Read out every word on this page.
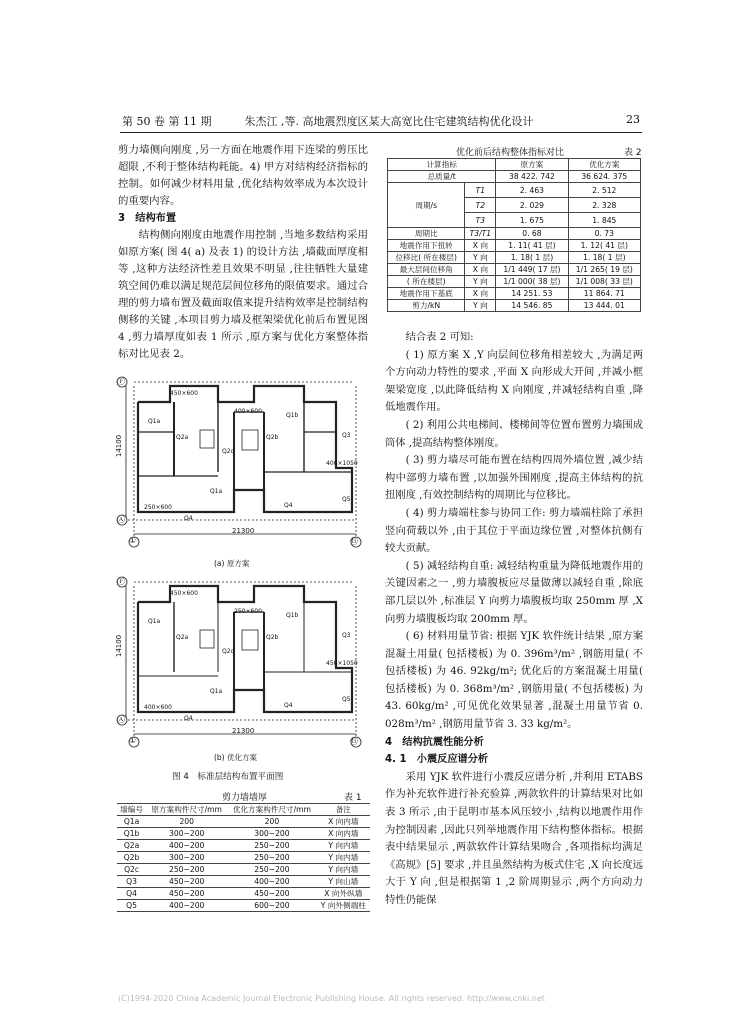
第 50 卷 第 11 期　　　	朱杰江 ,等. 高地震烈度区某大高宽比住宅建筑结构优化设计	23

剪力墙侧向刚度 ,另一方面在地震作用下连梁的剪压比超限 ,不利于整体结构耗能。4) 甲方对结构经济指标的控制。如何减少材料用量 ,优化结构效率成为本次设计的重要内容。

3　结构布置

结构侧向刚度由地震作用控制 ,当地多数结构采用如原方案( 图 4( a) 及表 1) 的设计方法 ,墙截面厚度相等 ,这种方法经济性差且效果不明显 ,往往牺牲大量建筑空间仍难以满足规范层间位移角的限值要求。通过合理的剪力墙布置及截面取值来提升结构效率是控制结构侧移的关键 ,本项目剪力墙及框架梁优化前后布置见图 4 ,剪力墙厚度如表 1 所示 ,原方案与优化方案整体指标对比见表 2。

21300
14100
①	⑪
Ⓐ
Ⓕ
450×600
Q1a
Q2a
Q2c
Q2b
Q1b
Q3
Q4
Q5
400×1050
400×600
250×600
Q1a
Q4
(a) 原方案
21300
14100
①	⑪
Ⓐ
Ⓕ
450×600
Q1a
Q2a
Q2c
Q2b
Q1b
Q3
Q4
Q5
450×1050
250×600
400×600
Q1a
Q4
(b) 优化方案
图 4　标准层结构布置平面图
剪力墙墙厚	表 1
墙编号	原方案构件尺寸/mm	优化方案构件尺寸/mm	备注
Q1a	200	200	X 向内墙
Q1b	300~200	300~200	X 向内墙
Q2a	400~200	250~200	Y 向内墙
Q2b	300~200	250~200	Y 向内墙
Q2c	250~200	250~200	Y 向内墙
Q3	450~200	400~200	Y 向山墙
Q4	450~200	450~200	X 向外纵墙
Q5	400~200	600~200	Y 向外侧端柱
优化前后结构整体指标对比	表 2
计算指标		原方案	优化方案
总质量/t		38 422. 742	36 624. 375
周期/s	T1	2. 463	2. 512
	T2	2. 029	2. 328
	T3	1. 675	1. 845
周期比	T3/T1	0. 68	0. 73
地震作用下扭转	X 向	1. 11( 41 层)	1. 12( 41 层)
位移比( 所在楼层)	Y 向	1. 18( 1 层)	1. 18( 1 层)
最大层间位移角	X 向	1/1 449( 17 层)	1/1 265( 19 层)
( 所在楼层)	Y 向	1/1 000( 38 层)	1/1 008( 33 层)
地震作用下基底	X 向	14 251. 53	11 864. 71
剪力/kN	Y 向	14 546. 85	13 444. 01

结合表 2 可知:

( 1) 原方案 X ,Y 向层间位移角相差较大 ,为满足两个方向动力特性的要求 ,平面 X 向形成大开间 ,并减小框架梁宽度 ,以此降低结构 X 向刚度 ,并减轻结构自重 ,降低地震作用。

( 2) 利用公共电梯间、楼梯间等位置布置剪力墙围成筒体 ,提高结构整体刚度。

( 3) 剪力墙尽可能布置在结构四周外墙位置 ,减少结构中部剪力墙布置 ,以加强外围刚度 ,提高主体结构的抗扭刚度 ,有效控制结构的周期比与位移比。

( 4) 剪力墙端柱参与协同工作: 剪力墙端柱除了承担竖向荷载以外 ,由于其位于平面边缘位置 ,对整体抗侧有较大贡献。

( 5) 减轻结构自重: 减轻结构重量为降低地震作用的关键因素之一 ,剪力墙腹板应尽量做薄以减轻自重 ,除底部几层以外 ,标准层 Y 向剪力墙腹板均取 250mm 厚 ,X 向剪力墙腹板均取 200mm 厚。

( 6) 材料用量节省: 根据 YJK 软件统计结果 ,原方案混凝土用量( 包括楼板) 为 0. 396m³/m² ,钢筋用量( 不包括楼板) 为 46. 92kg/m²; 优化后的方案混凝土用量( 包括楼板) 为 0. 368m³/m² ,钢筋用量( 不包括楼板) 为 43. 60kg/m² ,可见优化效果显著 ,混凝土用量节省 0. 028m³/m² ,钢筋用量节省 3. 33 kg/m²。

4　结构抗震性能分析

4. 1　小震反应谱分析

采用 YJK 软件进行小震反应谱分析 ,并利用 ETABS 作为补充软件进行补充验算 ,两款软件的计算结果对比如表 3 所示 ,由于昆明市基本风压较小 ,结构以地震作用作为控制因素 ,因此只列举地震作用下结构整体指标。根据表中结果显示 ,两款软件计算结果吻合 ,各项指标均满足《高规》[5] 要求 ,并且虽然结构为板式住宅 ,X 向长度远大于 Y 向 ,但是根据第 1 ,2 阶周期显示 ,两个方向动力特性仍能保

(C)1994-2020 China Academic Journal Electronic Publishing House. All rights reserved. http://www.cnki.net
